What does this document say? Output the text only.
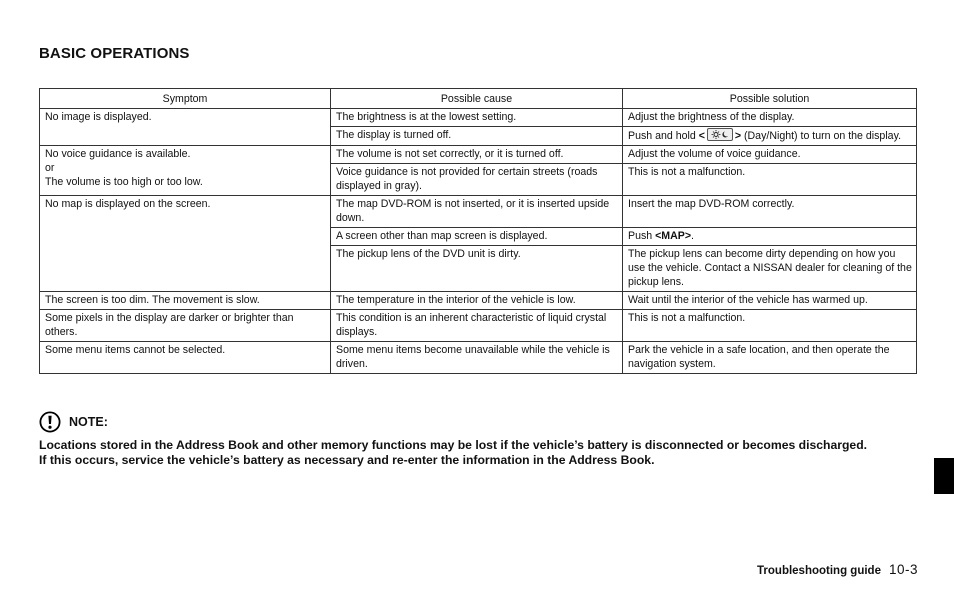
BASIC OPERATIONS
Symptom	Possible cause	Possible solution

No image is displayed.	The brightness is at the lowest setting.	Adjust the brightness of the display.
	The display is turned off.	Push and hold < > (Day/Night) to turn on the display.

No voice guidance is available.
or
The volume is too high or too low.	The volume is not set correctly, or it is turned off.	Adjust the volume of voice guidance.
	Voice guidance is not provided for certain streets (roads displayed in gray).	This is not a malfunction.

No map is displayed on the screen.	The map DVD-ROM is not inserted, or it is inserted upside down.	Insert the map DVD-ROM correctly.
	A screen other than map screen is displayed.	Push <MAP>.
	The pickup lens of the DVD unit is dirty.	The pickup lens can become dirty depending on how you use the vehicle. Contact a NISSAN dealer for cleaning of the pickup lens.
The screen is too dim. The movement is slow.	The temperature in the interior of the vehicle is low.	Wait until the interior of the vehicle has warmed up.
Some pixels in the display are darker or brighter than others.	This condition is an inherent characteristic of liquid crystal displays.	This is not a malfunction.
Some menu items cannot be selected.	Some menu items become unavailable while the vehicle is driven.	Park the vehicle in a safe location, and then operate the navigation system.
NOTE:

Locations stored in the Address Book and other memory functions may be lost if the vehicle’s battery is disconnected or becomes discharged.

If this occurs, service the vehicle’s battery as necessary and re-enter the information in the Address Book.

Troubleshooting guide 10-3
